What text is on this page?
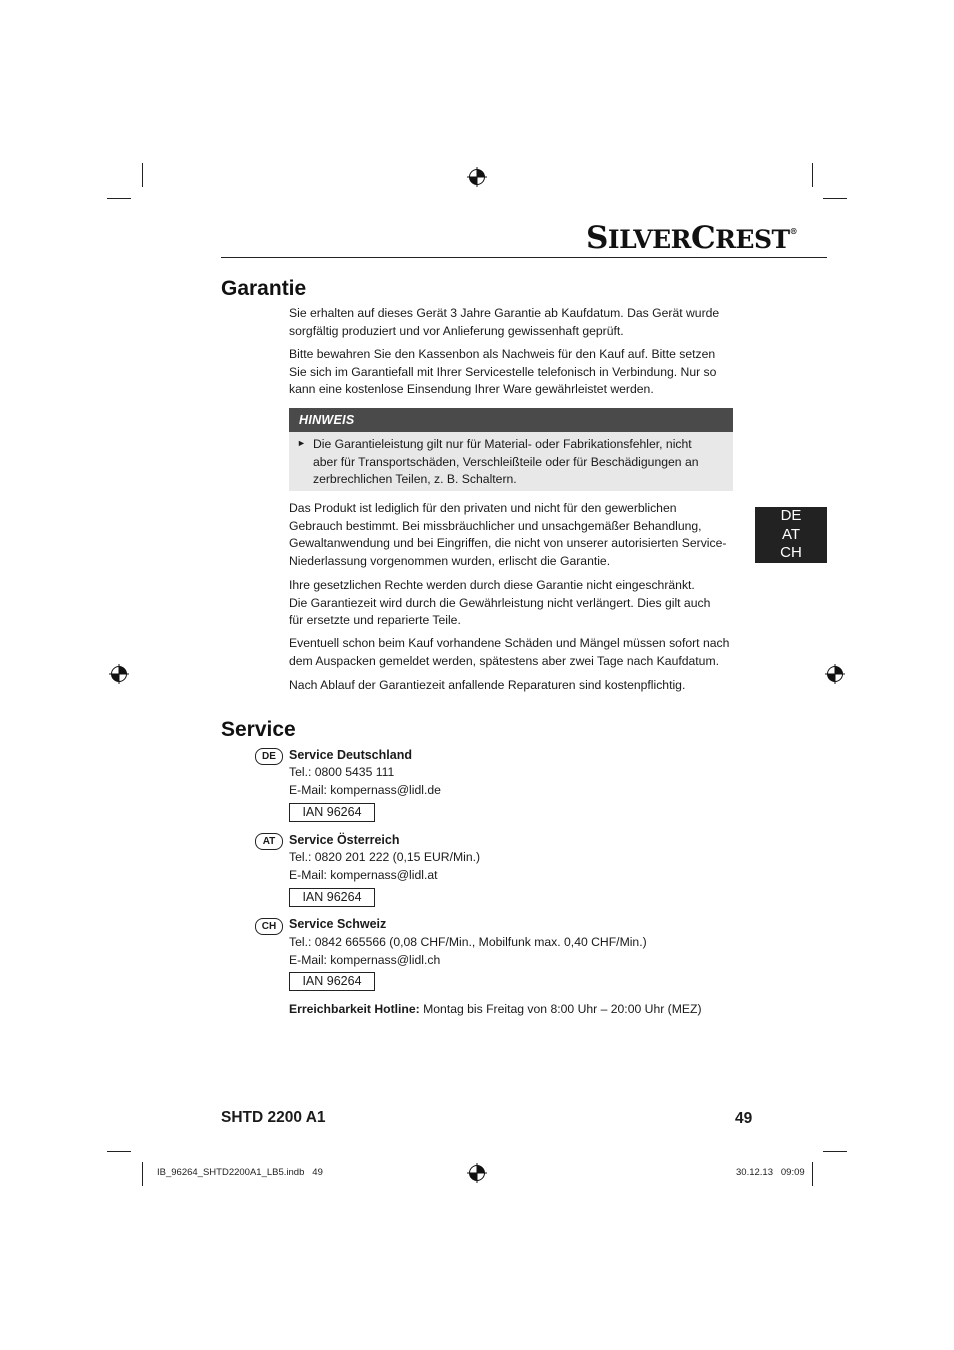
SILVERCREST®
Garantie

Sie erhalten auf dieses Gerät 3 Jahre Garantie ab Kaufdatum. Das Gerät wurde
sorgfältig produziert und vor Anlieferung gewissenhaft geprüft.

Bitte bewahren Sie den Kassenbon als Nachweis für den Kauf auf. Bitte setzen
Sie sich im Garantiefall mit Ihrer Servicestelle telefonisch in Verbindung. Nur so
kann eine kostenlose Einsendung Ihrer Ware gewährleistet werden.

HINWEIS
► Die Garantieleistung gilt nur für Material- oder Fabrikationsfehler, nicht
aber für Transportschäden, Verschleißteile oder für Beschädigungen an
zerbrechlichen Teilen, z. B. Schaltern.

Das Produkt ist lediglich für den privaten und nicht für den gewerblichen
Gebrauch bestimmt. Bei missbräuchlicher und unsachgemäßer Behandlung,
Gewaltanwendung und bei Eingriffen, die nicht von unserer autorisierten Service-
Niederlassung vorgenommen wurden, erlischt die Garantie.

Ihre gesetzlichen Rechte werden durch diese Garantie nicht eingeschränkt.
Die Garantiezeit wird durch die Gewährleistung nicht verlängert. Dies gilt auch
für ersetzte und reparierte Teile.

Eventuell schon beim Kauf vorhandene Schäden und Mängel müssen sofort nach
dem Auspacken gemeldet werden, spätestens aber zwei Tage nach Kaufdatum.

Nach Ablauf der Garantiezeit anfallende Reparaturen sind kostenpflichtig.

DE
AT
CH
Service
DE	Service Deutschland
Tel.: 0800 5435 111
E-Mail: kompernass@lidl.de
IAN 96264
AT	Service Österreich
Tel.: 0820 201 222 (0,15 EUR/Min.)
E-Mail: kompernass@lidl.at
IAN 96264
CH	Service Schweiz
Tel.: 0842 665566 (0,08 CHF/Min., Mobilfunk max. 0,40 CHF/Min.)
E-Mail: kompernass@lidl.ch
IAN 96264
Erreichbarkeit Hotline: Montag bis Freitag von 8:00 Uhr – 20:00 Uhr (MEZ)
SHTD 2200 A1	49
IB_96264_SHTD2200A1_LB5.indb   49	30.12.13   09:09
